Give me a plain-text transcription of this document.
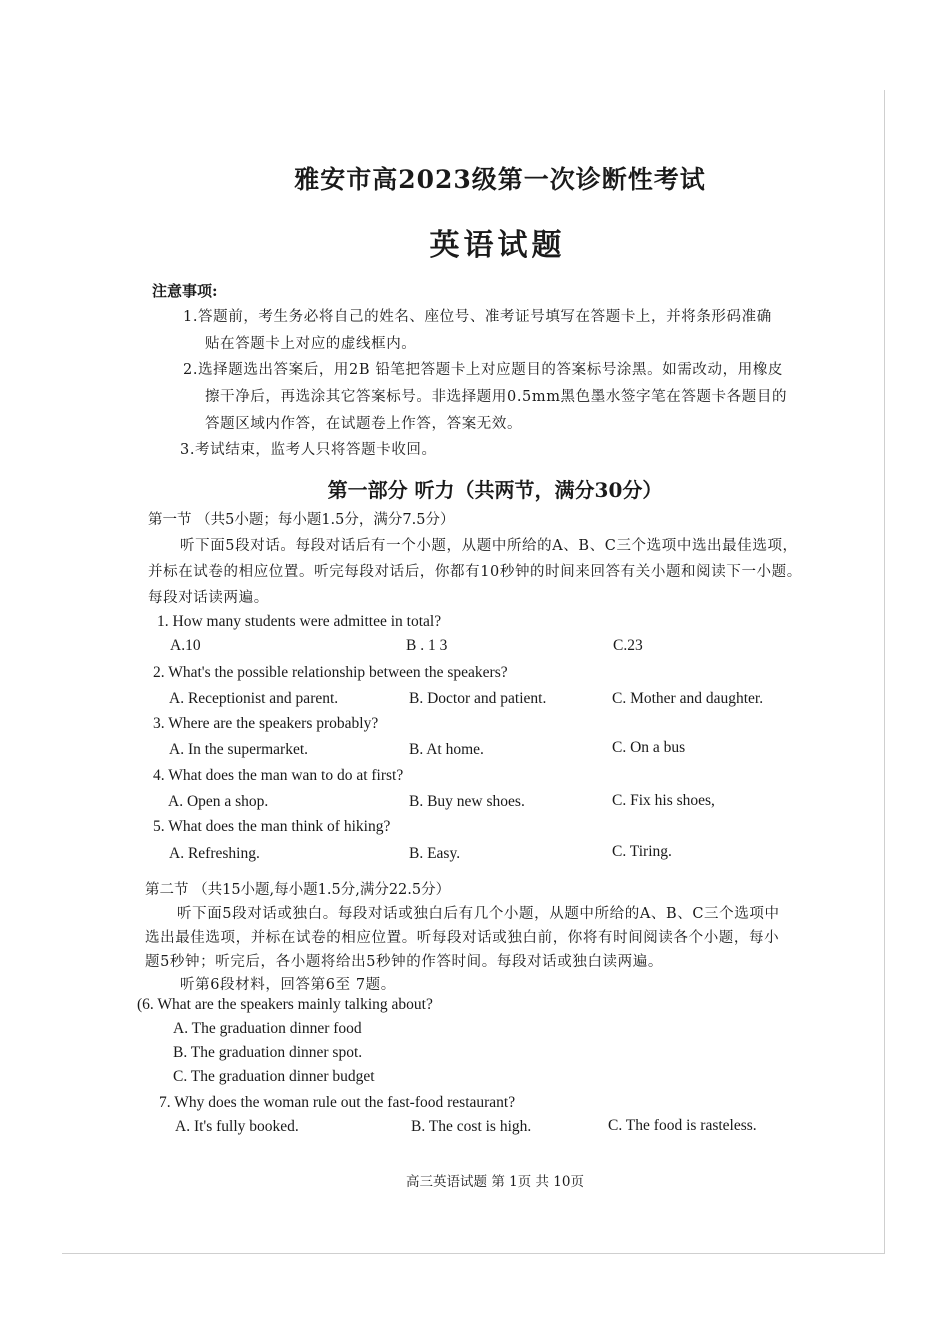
雅安市高2023级第一次诊断性考试
英语试题
注意事项:
1.答题前，考生务必将自己的姓名、座位号、准考证号填写在答题卡上，并将条形码准确
贴在答题卡上对应的虚线框内。
2.选择题选出答案后，用2B 铅笔把答题卡上对应题目的答案标号涂黑。如需改动，用橡皮
擦干净后，再选涂其它答案标号。非选择题用0.5mm黑色墨水签字笔在答题卡各题目的
答题区域内作答，在试题卷上作答，答案无效。
3.考试结束，监考人只将答题卡收回。
第一部分 听力（共两节，满分30分）
第一节 （共5小题；每小题1.5分，满分7.5分）
听下面5段对话。每段对话后有一个小题，从题中所给的A、B、C三个选项中选出最佳选项，
并标在试卷的相应位置。听完每段对话后，你都有10秒钟的时间来回答有关小题和阅读下一小题。
每段对话读两遍。
1. How many students were admittee in total?
A.10	B . 1 3	C.23
2. What's the possible relationship between the speakers?
A. Receptionist and parent.	B. Doctor and patient.	C. Mother and daughter.
3. Where are the speakers probably?
A. In the supermarket.	B. At home.	C. On a bus
4. What does the man wan to do at first?
A. Open a shop.	B. Buy new shoes.	C. Fix his shoes,
5. What does the man think of hiking?
A. Refreshing.	B. Easy.	C. Tiring.
第二节 （共15小题,每小题1.5分,满分22.5分）
听下面5段对话或独白。每段对话或独白后有几个小题，从题中所给的A、B、C三个选项中
选出最佳选项，并标在试卷的相应位置。听每段对话或独白前，你将有时间阅读各个小题，每小
题5秒钟；听完后，各小题将给出5秒钟的作答时间。每段对话或独白读两遍。
听第6段材料，回答第6至 7题。
(6. What are the speakers mainly talking about?
A. The graduation dinner food
B. The graduation dinner spot.
C. The graduation dinner budget
7. Why does the woman rule out the fast-food restaurant?
A. It's fully booked.	B. The cost is high.	C. The food is rasteless.
高三英语试题 第 1页 共 10页
